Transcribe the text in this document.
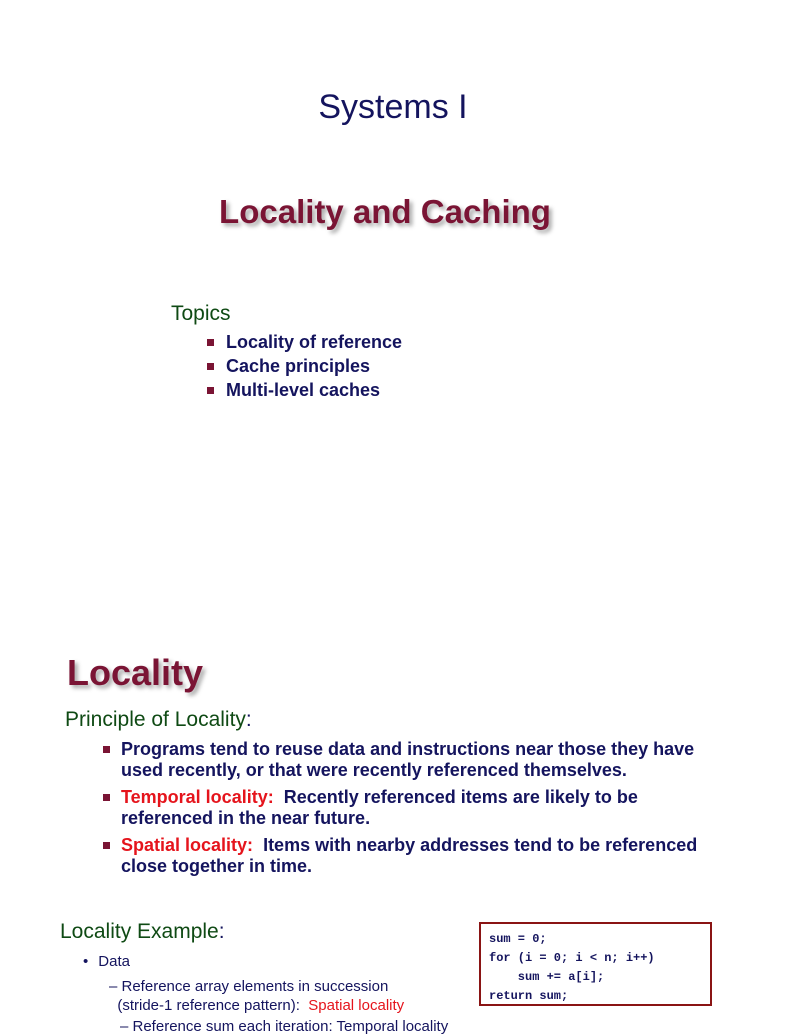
Systems I
Locality and Caching
Topics
Locality of reference
Cache principles
Multi-level caches
Locality
Principle of Locality:
Programs tend to reuse data and instructions near those they have used recently, or that were recently referenced themselves.
Temporal locality: Recently referenced items are likely to be referenced in the near future.
Spatial locality: Items with nearby addresses tend to be referenced close together in time.
Locality Example:
• Data
– Reference array elements in succession
(stride-1 reference pattern): Spatial locality
sum = 0;
for (i = 0; i < n; i++)
sum += a[i];
return sum;
– Reference sum each iteration: Temporal locality
